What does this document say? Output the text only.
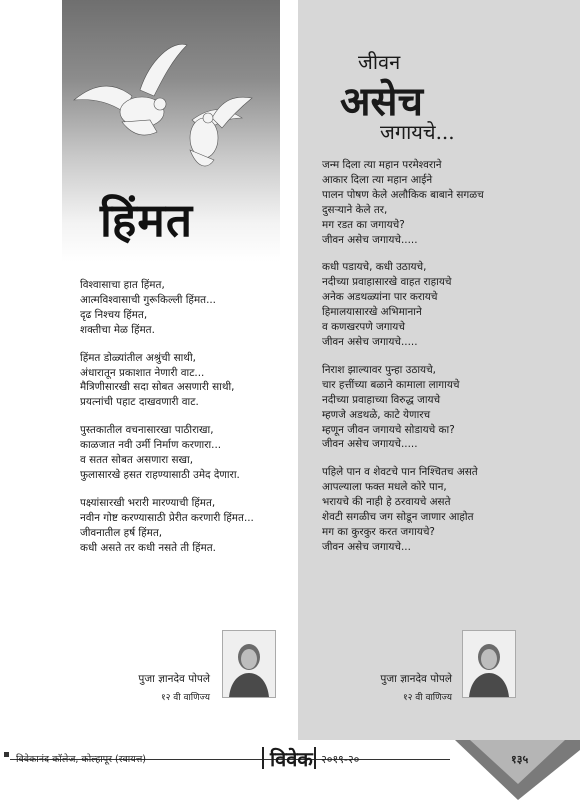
हिंमत
जीवन
असेच
जगायचे...
विश्वासाचा हात हिंमत,
आत्मविश्वासाची गुरूकिल्ली हिंमत...
दृढ निश्चय हिंमत,
शक्तीचा मेळ हिंमत.
हिंमत डोळ्यांतील अश्रुंची साथी,
अंधारातून प्रकाशात नेणारी वाट...
मैत्रिणीसारखी सदा सोबत असणारी साथी,
प्रयत्नांची पहाट दाखवणारी वाट.
पुस्तकातील वचनासारखा पाठीराखा,
काळजात नवी उर्मी निर्माण करणारा...
व सतत सोबत असणारा सखा,
फुलासारखे हसत राहण्यासाठी उमेद देणारा.
पक्ष्यांसारखी भरारी मारण्याची हिंमत,
नवीन गोष्ट करण्यासाठी प्रेरीत करणारी हिंमत...
जीवनातील हर्ष हिंमत,
कधी असते तर कधी नसते ती हिंमत.
जन्म दिला त्या महान परमेश्वराने
आकार दिला त्या महान आईने
पालन पोषण केले अलौकिक बाबाने सगळच
दुसऱ्याने केले तर,
मग रडत का जगायचे?
जीवन असेच जगायचे.....
कधी पडायचे, कधी उठायचे,
नदीच्या प्रवाहासारखे वाहत राहायचे
अनेक अडथळ्यांना पार करायचे
हिमालयासारखे अभिमानाने
व कणखरपणे जगायचे
जीवन असेच जगायचे.....
निराश झाल्यावर पुन्हा उठायचे,
चार हत्तींच्या बळाने कामाला लागायचे
नदीच्या प्रवाहाच्या विरुद्ध जायचे
म्हणजे अडथळे, काटे येणारच
म्हणून जीवन जगायचे सोडायचे का?
जीवन असेच जगायचे.....
पहिले पान व शेवटचे पान निश्चितच असते
आपल्याला फक्त मधले कोरे पान,
भरायचे की नाही हे ठरवायचे असते
शेवटी सगळीच जग सोडून जाणार आहोत
मग का कुरकुर करत जगायचे?
जीवन असेच जगायचे...
पुजा ज्ञानदेव पोपले
१२ वी वाणिज्य
पुजा ज्ञानदेव पोपले
१२ वी वाणिज्य
विवेकानंद कॉलेज, कोल्हापूर (स्वायत्त)	विवेक २०१९-२०	१३५
